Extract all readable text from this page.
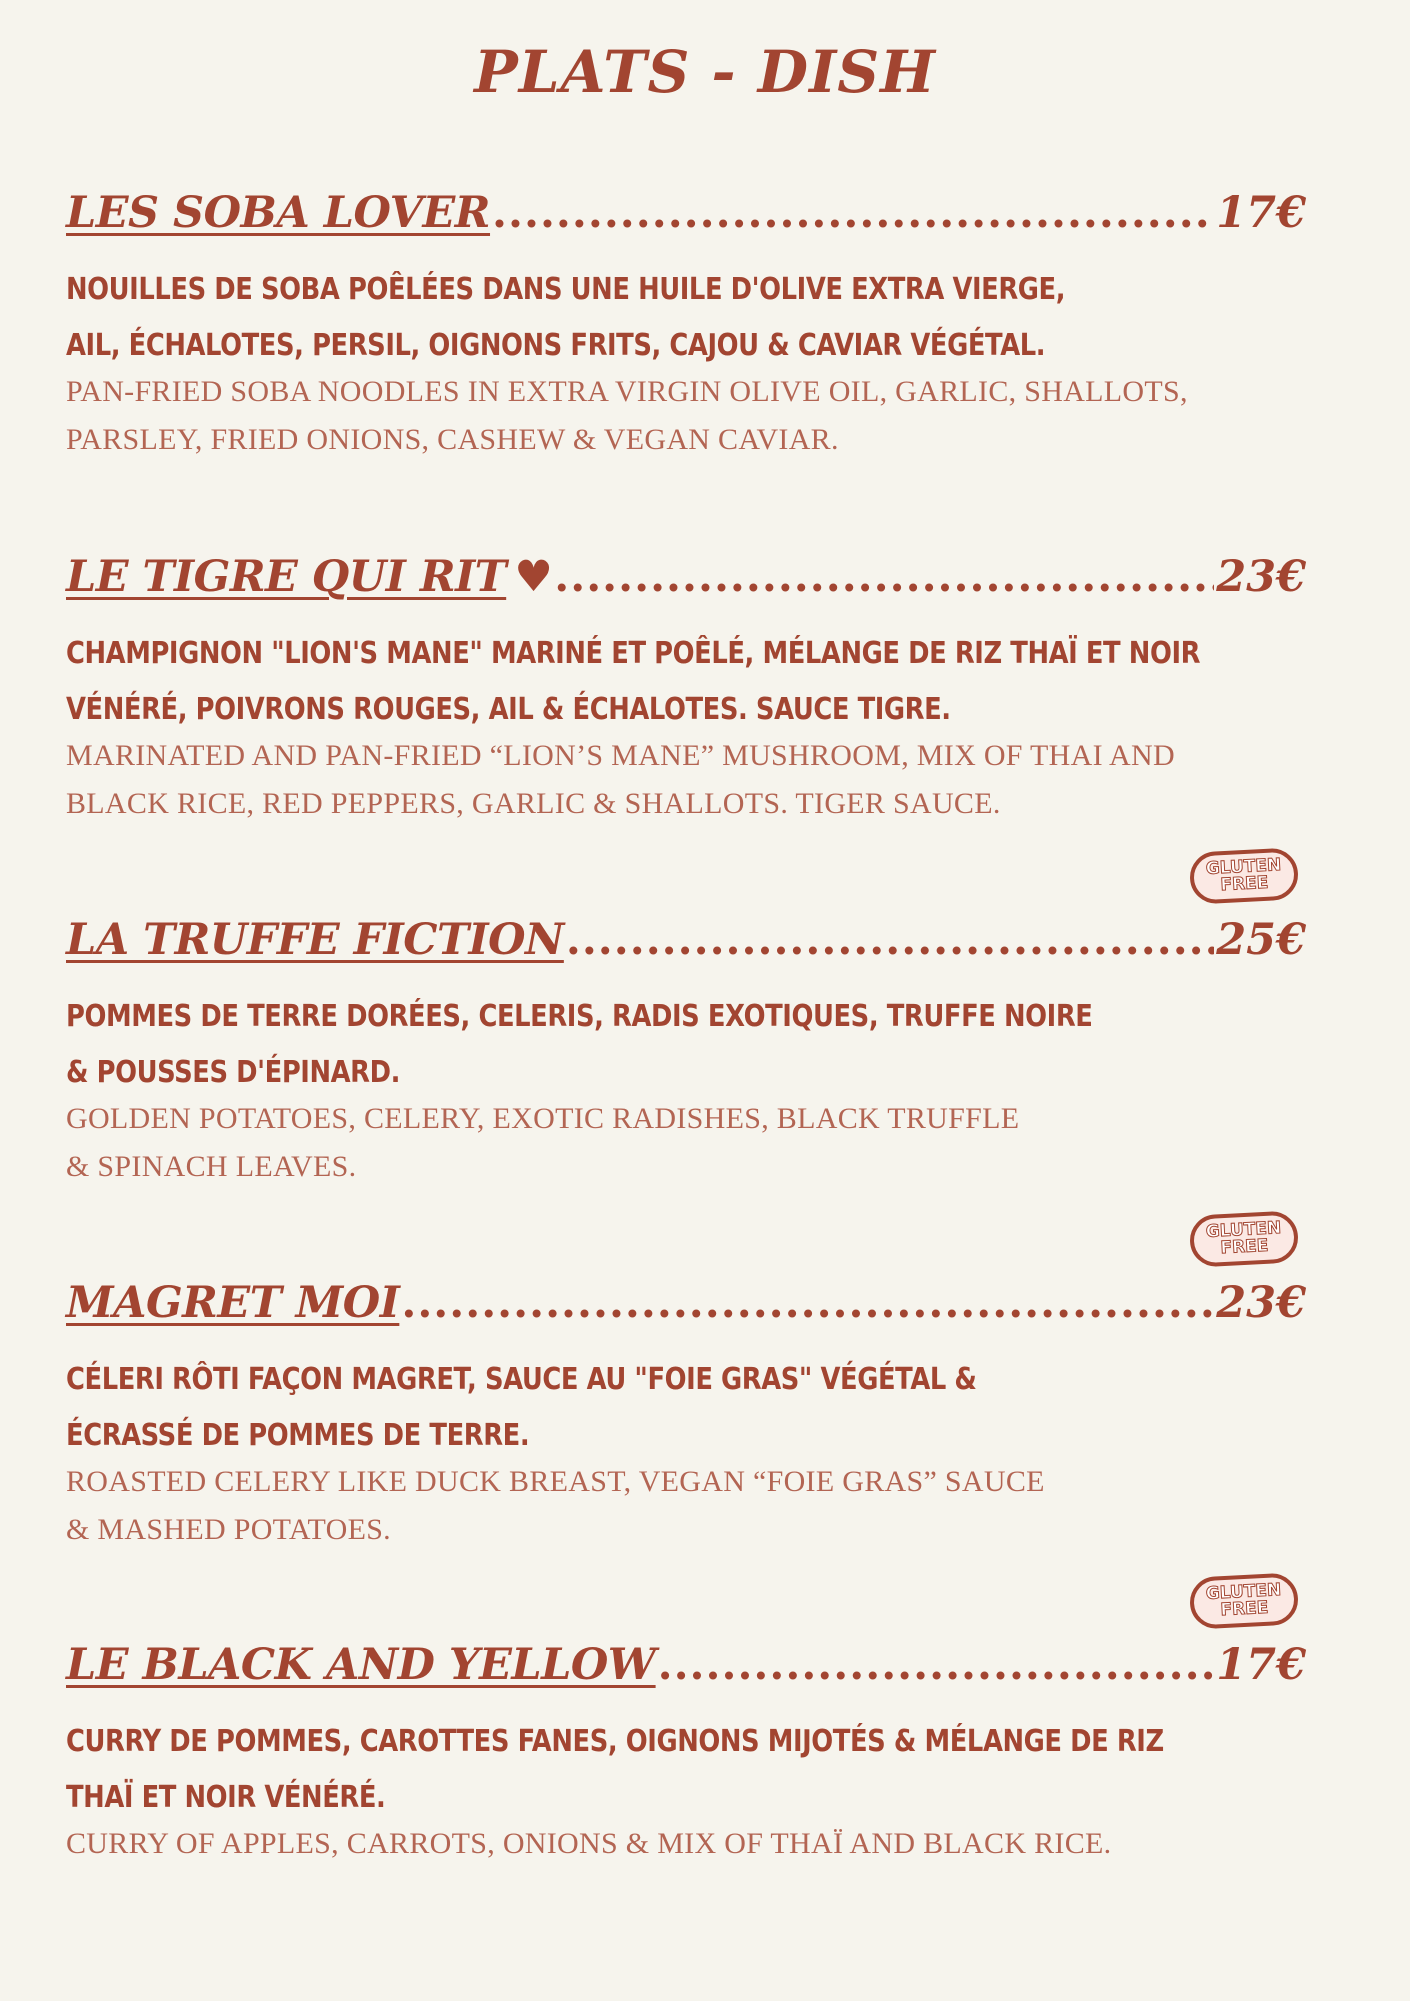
PLATS - DISH
LES SOBA LOVER .....	17€
NOUILLES DE SOBA POÊLÉES DANS UNE HUILE D'OLIVE EXTRA VIERGE,
AIL, ÉCHALOTES, PERSIL, OIGNONS FRITS, CAJOU & CAVIAR VÉGÉTAL.
PAN-FRIED SOBA NOODLES IN EXTRA VIRGIN OLIVE OIL, GARLIC, SHALLOTS,
PARSLEY, FRIED ONIONS, CASHEW & VEGAN CAVIAR.
LE TIGRE QUI RIT ♥ .....	23€
CHAMPIGNON "LION'S MANE" MARINÉ ET POÊLÉ, MÉLANGE DE RIZ THAÏ ET NOIR
VÉNÉRÉ, POIVRONS ROUGES, AIL & ÉCHALOTES. SAUCE TIGRE.
MARINATED AND PAN-FRIED “LION’S MANE” MUSHROOM, MIX OF THAI AND
BLACK RICE, RED PEPPERS, GARLIC & SHALLOTS. TIGER SAUCE.
GLUTEN
FREE
LA TRUFFE FICTION .....	25€
POMMES DE TERRE DORÉES, CELERIS, RADIS EXOTIQUES, TRUFFE NOIRE
& POUSSES D'ÉPINARD.
GOLDEN POTATOES, CELERY, EXOTIC RADISHES, BLACK TRUFFLE
& SPINACH LEAVES.
GLUTEN
FREE
MAGRET MOI .....	23€
CÉLERI RÔTI FAÇON MAGRET, SAUCE AU "FOIE GRAS" VÉGÉTAL &
ÉCRASSÉ DE POMMES DE TERRE.
ROASTED CELERY LIKE DUCK BREAST, VEGAN “FOIE GRAS” SAUCE
& MASHED POTATOES.
GLUTEN
FREE
LE BLACK AND YELLOW .....	17€
CURRY DE POMMES, CAROTTES FANES, OIGNONS MIJOTÉS & MÉLANGE DE RIZ
THAÏ ET NOIR VÉNÉRÉ.
CURRY OF APPLES, CARROTS, ONIONS & MIX OF THAÏ AND BLACK RICE.
